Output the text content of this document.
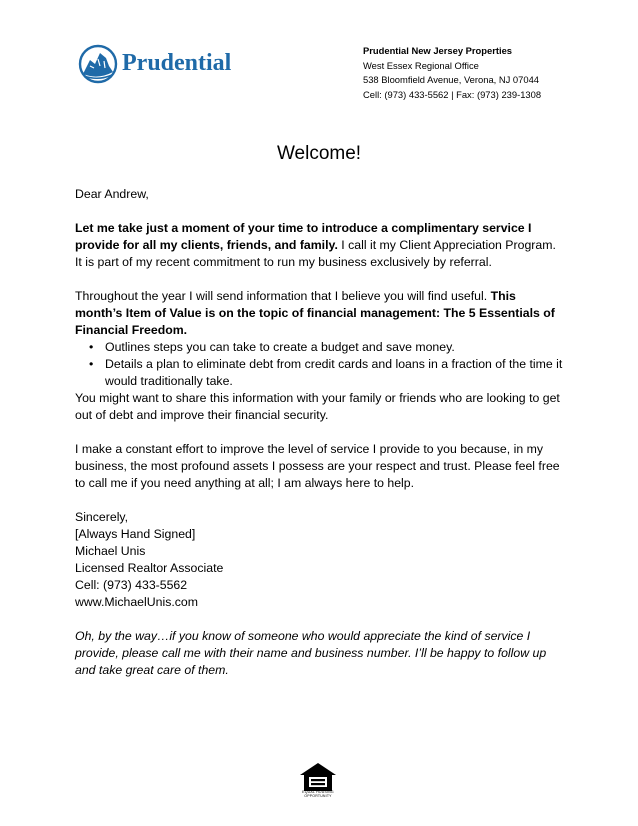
Prudential	Prudential New Jersey Properties
West Essex Regional Office
538 Bloomfield Avenue, Verona, NJ 07044
Cell: (973) 433-5562 | Fax: (973) 239-1308
Welcome!

Dear Andrew,

Let me take just a moment of your time to introduce a complimentary service I provide for all my clients, friends, and family. I call it my Client Appreciation Program. It is part of my recent commitment to run my business exclusively by referral.

Throughout the year I will send information that I believe you will find useful. This month’s Item of Value is on the topic of financial management: The 5 Essentials of Financial Freedom.

• Outlines steps you can take to create a budget and save money.
• Details a plan to eliminate debt from credit cards and loans in a fraction of the time it would traditionally take.

You might want to share this information with your family or friends who are looking to get out of debt and improve their financial security.

I make a constant effort to improve the level of service I provide to you because, in my business, the most profound assets I possess are your respect and trust. Please feel free to call me if you need anything at all; I am always here to help.

Sincerely,

[Always Hand Signed]

Michael Unis

Licensed Realtor Associate

Cell: (973) 433-5562

www.MichaelUnis.com

Oh, by the way…if you know of someone who would appreciate the kind of service I provide, please call me with their name and business number. I’ll be happy to follow up and take great care of them.

EQUAL HOUSING OPPORTUNITY
